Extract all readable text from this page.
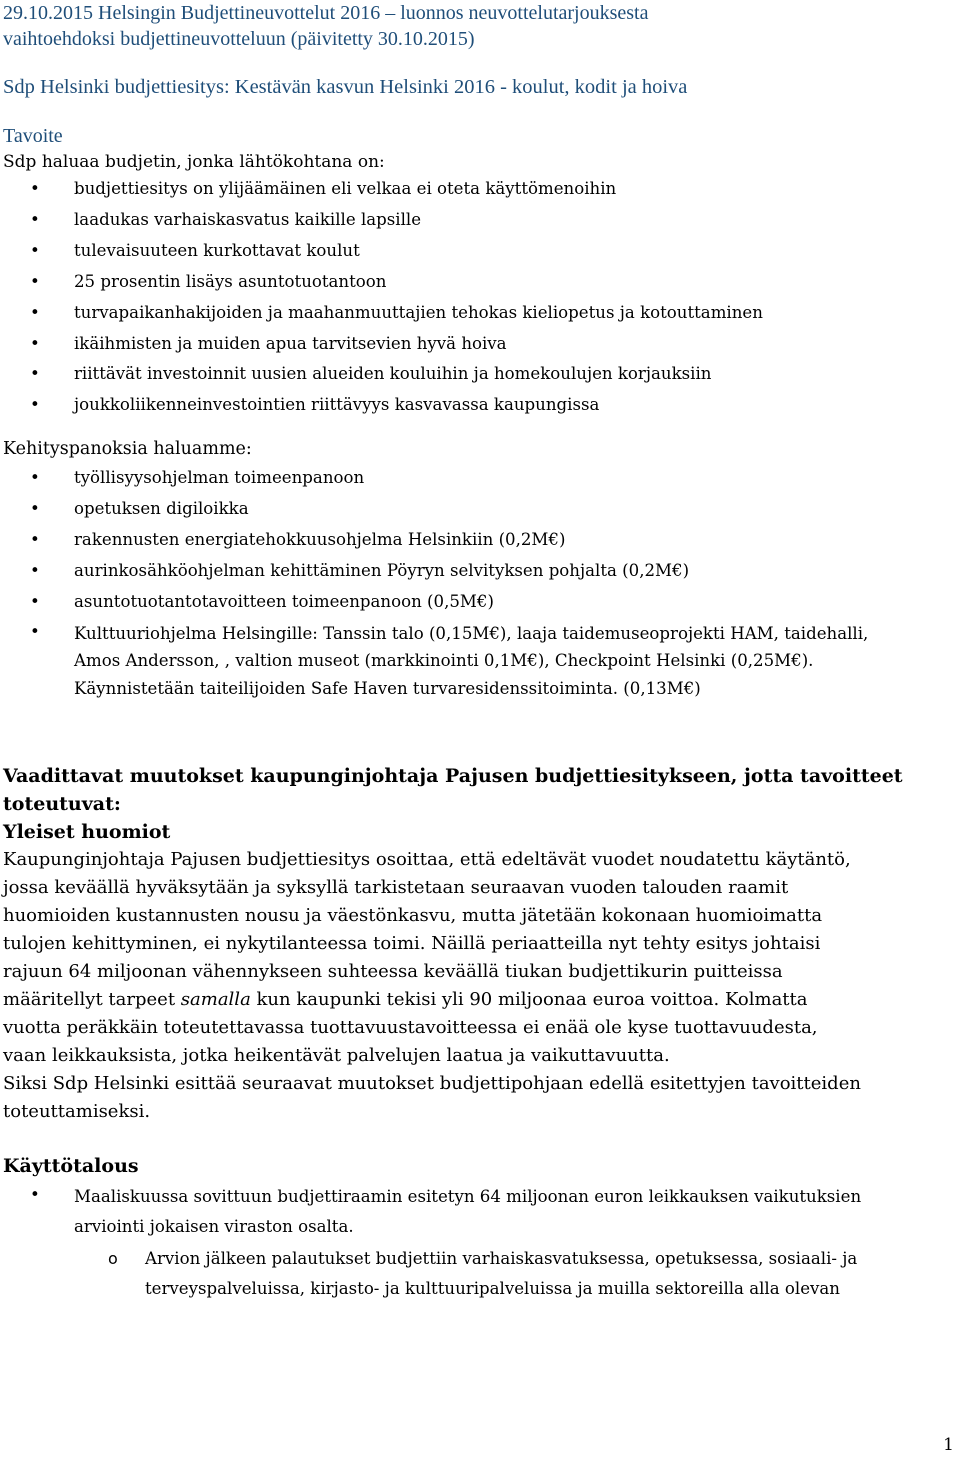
29.10.2015 Helsingin Budjettineuvottelut 2016 – luonnos neuvottelutarjouksesta
vaihtoehdoksi budjettineuvotteluun (päivitetty 30.10.2015)
Sdp Helsinki budjettiesitys: Kestävän kasvun Helsinki 2016 - koulut, kodit ja hoiva
Tavoite
Sdp haluaa budjetin, jonka lähtökohtana on:
• budjettiesitys on ylijäämäinen eli velkaa ei oteta käyttömenoihin
• laadukas varhaiskasvatus kaikille lapsille
• tulevaisuuteen kurkottavat koulut
• 25 prosentin lisäys asuntotuotantoon
• turvapaikanhakijoiden ja maahanmuuttajien tehokas kieliopetus ja kotouttaminen
• ikäihmisten ja muiden apua tarvitsevien hyvä hoiva
• riittävät investoinnit uusien alueiden kouluihin ja homekoulujen korjauksiin
• joukkoliikenneinvestointien riittävyys kasvavassa kaupungissa
Kehityspanoksia haluamme:
• työllisyysohjelman toimeenpanoon
• opetuksen digiloikka
• rakennusten energiatehokkuusohjelma Helsinkiin (0,2M€)
• aurinkosähköohjelman kehittäminen Pöyryn selvityksen pohjalta (0,2M€)
• asuntotuotantotavoitteen toimeenpanoon (0,5M€)
• Kulttuuriohjelma Helsingille: Tanssin talo (0,15M€), laaja taidemuseoprojekti HAM, taidehalli,
Amos Andersson, , valtion museot (markkinointi 0,1M€), Checkpoint Helsinki (0,25M€).
Käynnistetään taiteilijoiden Safe Haven turvaresidenssitoiminta. (0,13M€)
Vaadittavat muutokset kaupunginjohtaja Pajusen budjettiesitykseen, jotta tavoitteet
toteutuvat:
Yleiset huomiot
Kaupunginjohtaja Pajusen budjettiesitys osoittaa, että edeltävät vuodet noudatettu käytäntö,
jossa keväällä hyväksytään ja syksyllä tarkistetaan seuraavan vuoden talouden raamit
huomioiden kustannusten nousu ja väestönkasvu, mutta jätetään kokonaan huomioimatta
tulojen kehittyminen, ei nykytilanteessa toimi. Näillä periaatteilla nyt tehty esitys johtaisi
rajuun 64 miljoonan vähennykseen suhteessa keväällä tiukan budjettikurin puitteissa
määritellyt tarpeet samalla kun kaupunki tekisi yli 90 miljoonaa euroa voittoa. Kolmatta
vuotta peräkkäin toteutettavassa tuottavuustavoitteessa ei enää ole kyse tuottavuudesta,
vaan leikkauksista, jotka heikentävät palvelujen laatua ja vaikuttavuutta.
Siksi Sdp Helsinki esittää seuraavat muutokset budjettipohjaan edellä esitettyjen tavoitteiden
toteuttamiseksi.
Käyttötalous
• Maaliskuussa sovittuun budjettiraamin esitetyn 64 miljoonan euron leikkauksen vaikutuksien
arviointi jokaisen viraston osalta.
o Arvion jälkeen palautukset budjettiin varhaiskasvatuksessa, opetuksessa, sosiaali- ja
terveyspalveluissa, kirjasto- ja kulttuuripalveluissa ja muilla sektoreilla alla olevan
1
